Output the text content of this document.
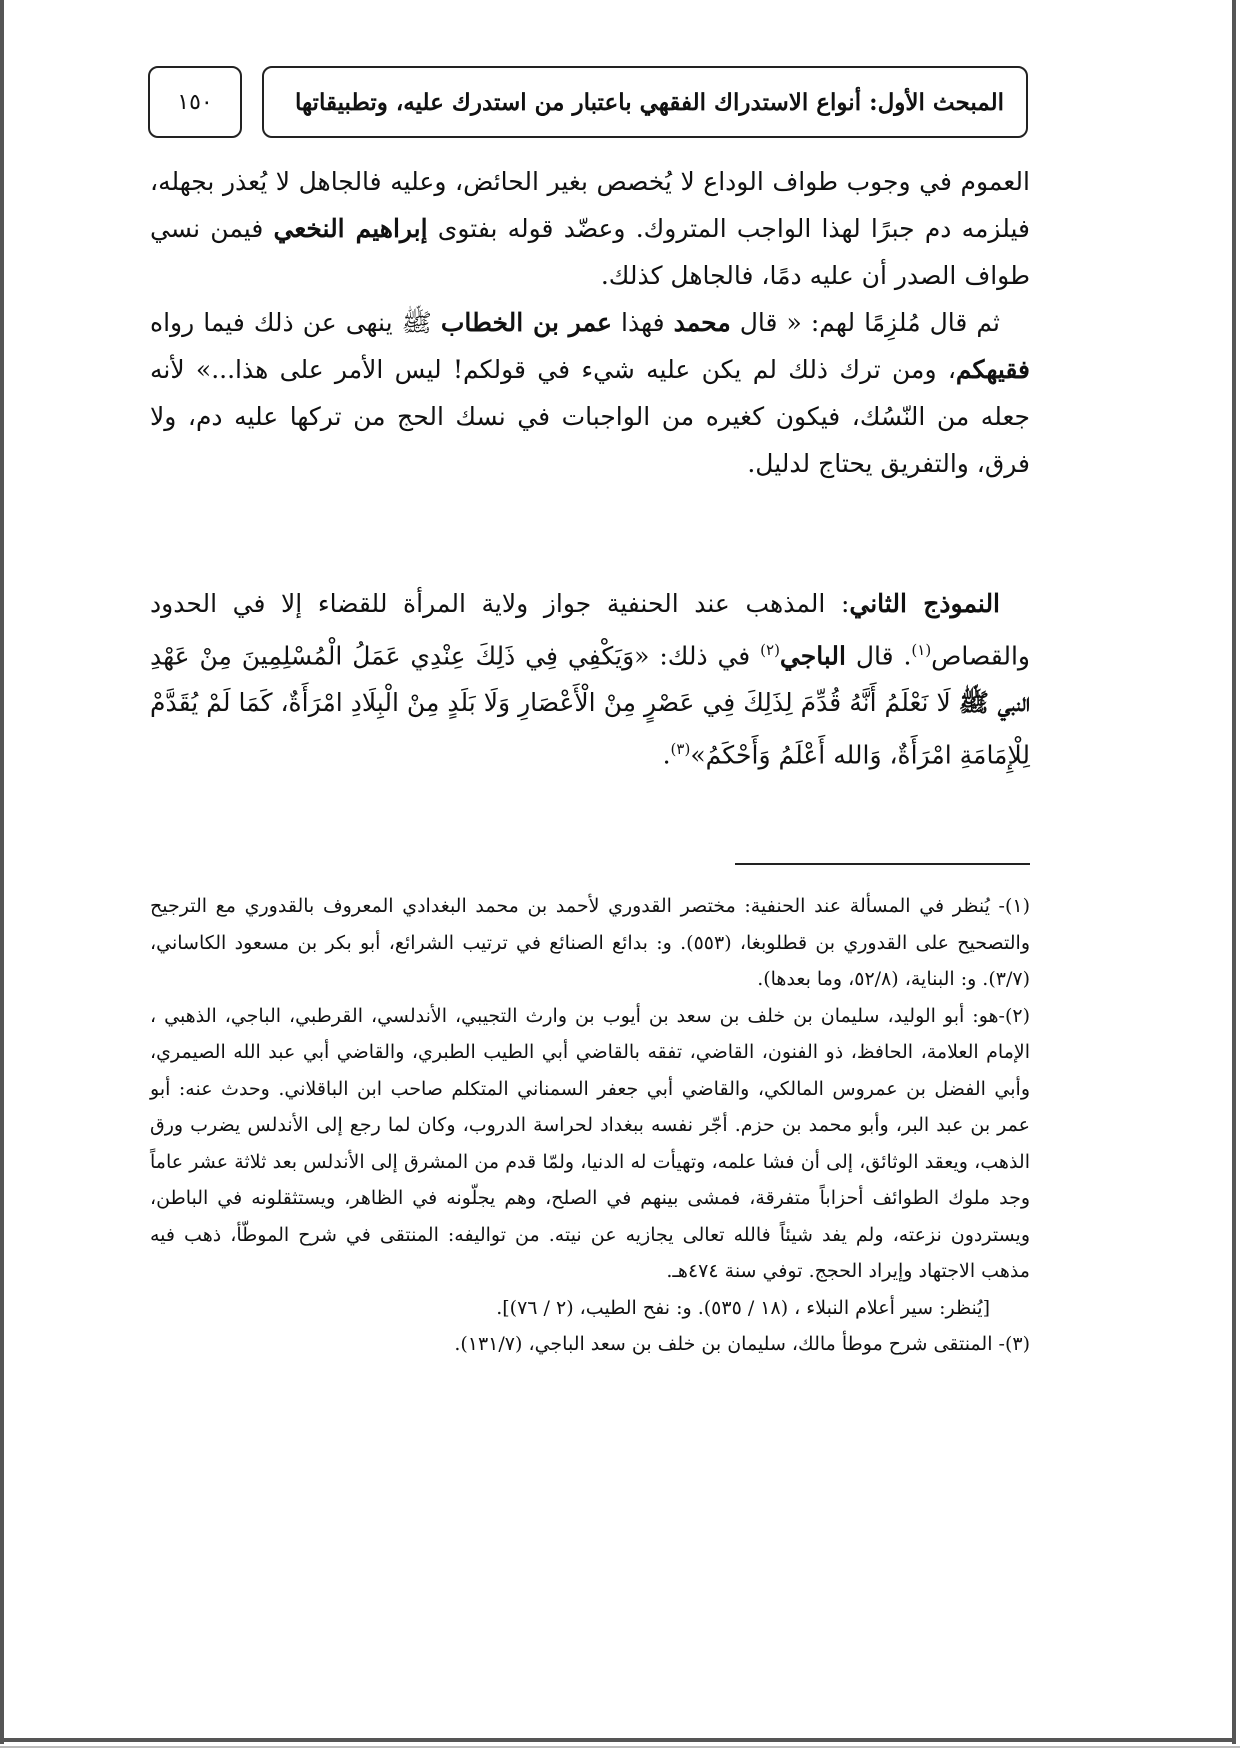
المبحث الأول: أنواع الاستدراك الفقهي باعتبار من استدرك عليه، وتطبيقاتها
١٥٠

العموم في وجوب طواف الوداع لا يُخصص بغير الحائض، وعليه فالجاهل لا يُعذر بجهله، فيلزمه دم جبرًا لهذا الواجب المتروك. وعضّد قوله بفتوى إبراهيم النخعي فيمن نسي طواف الصدر أن عليه دمًا، فالجاهل كذلك.

ثم قال مُلزِمًا لهم: « قال محمد فهذا عمر بن الخطاب ﷺ ينهى عن ذلك فيما رواه فقيهكم، ومن ترك ذلك لم يكن عليه شيء في قولكم! ليس الأمر على هذا...» لأنه جعله من النّسُك، فيكون كغيره من الواجبات في نسك الحج من تركها عليه دم، ولا فرق، والتفريق يحتاج لدليل.

النموذج الثاني: المذهب عند الحنفية جواز ولاية المرأة للقضاء إلا في الحدود والقصاص$^{(١)}$. قال الباجي$^{(٢)}$ في ذلك: «وَيَكْفِي فِي ذَلِكَ عِنْدِي عَمَلُ الْمُسْلِمِينَ مِنْ عَهْدِ النبي ﷺ لَا نَعْلَمُ أَنَّهُ قُدِّمَ لِذَلِكَ فِي عَصْرٍ مِنْ الْأَعْصَارِ وَلَا بَلَدٍ مِنْ الْبِلَادِ امْرَأَةٌ، كَمَا لَمْ يُقَدَّمْ لِلْإِمَامَةِ امْرَأَةٌ، وَالله أَعْلَمُ وَأَحْكَمُ»$^{(٣)}$.

(١)- يُنظر في المسألة عند الحنفية: مختصر القدوري لأحمد بن محمد البغدادي المعروف بالقدوري مع الترجيح والتصحيح على القدوري بن قطلوبغا، (٥٥٣). و: بدائع الصنائع في ترتيب الشرائع، أبو بكر بن مسعود الكاساني، (٣/٧). و: البناية، (٥٢/٨، وما بعدها).

(٢)-هو: أبو الوليد، سليمان بن خلف بن سعد بن أيوب بن وارث التجيبي، الأندلسي، القرطبي، الباجي، الذهبي ، الإمام العلامة، الحافظ، ذو الفنون، القاضي، تفقه بالقاضي أبي الطيب الطبري، والقاضي أبي عبد الله الصيمري، وأبي الفضل بن عمروس المالكي، والقاضي أبي جعفر السمناني المتكلم صاحب ابن الباقلاني. وحدث عنه: أبو عمر بن عبد البر، وأبو محمد بن حزم. أجّر نفسه ببغداد لحراسة الدروب، وكان لما رجع إلى الأندلس يضرب ورق الذهب، ويعقد الوثائق، إلى أن فشا علمه، وتهيأت له الدنيا، ولمّا قدم من المشرق إلى الأندلس بعد ثلاثة عشر عاماً وجد ملوك الطوائف أحزاباً متفرقة، فمشى بينهم في الصلح، وهم يجلّونه في الظاهر، ويستثقلونه في الباطن، ويستردون نزعته، ولم يفد شيئاً فالله تعالى يجازيه عن نيته. من تواليفه: المنتقى في شرح الموطّأ، ذهب فيه مذهب الاجتهاد وإيراد الحجج. توفي سنة ٤٧٤هـ.

[يُنظر: سير أعلام النبلاء ، (١٨ / ٥٣٥). و: نفح الطيب، (٢ / ٧٦)].

(٣)- المنتقى شرح موطأ مالك، سليمان بن خلف بن سعد الباجي، (١٣١/٧).
